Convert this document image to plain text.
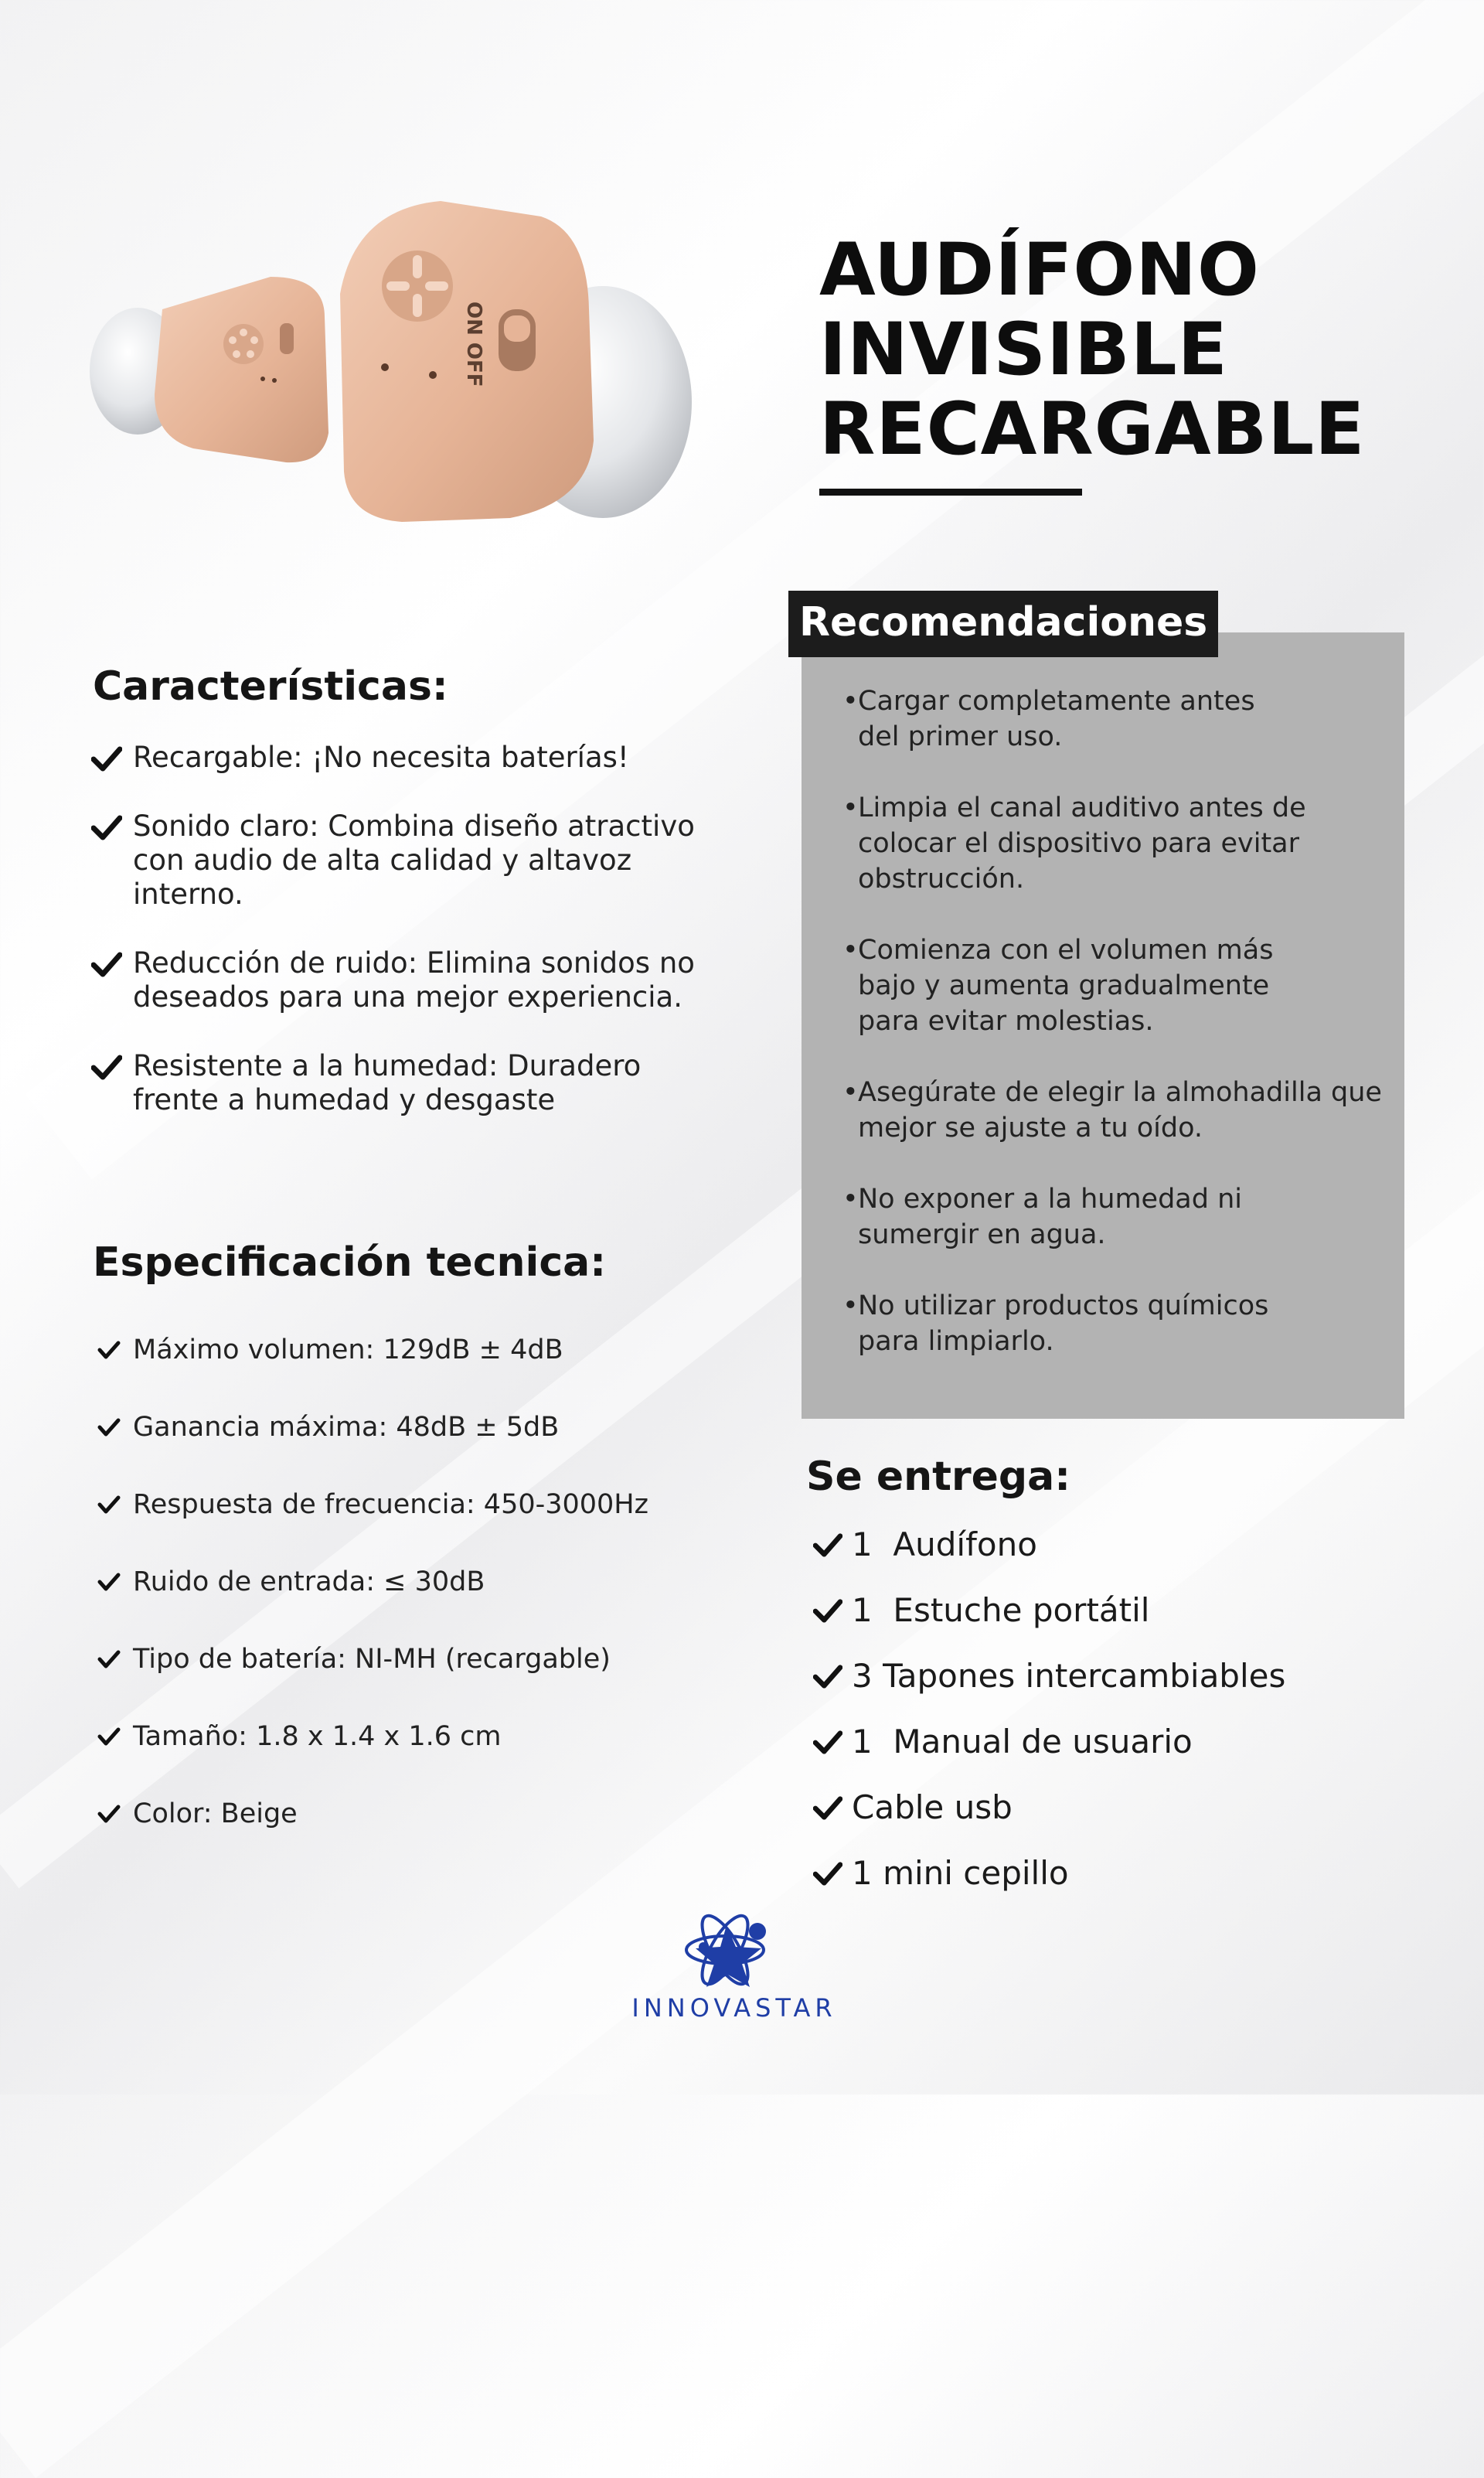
ON OFF
AUDÍFONO
INVISIBLE
RECARGABLE
Características:
Recargable: ¡No necesita baterías!
Sonido claro: Combina diseño atractivo con audio de alta calidad y altavoz interno.
Reducción de ruido: Elimina sonidos no deseados para una mejor experiencia.
Resistente a la humedad: Duradero frente a humedad y desgaste
Especificación tecnica:
Máximo volumen: 129dB ± 4dB
Ganancia máxima: 48dB ± 5dB
Respuesta de frecuencia: 450-3000Hz
Ruido de entrada: ≤ 30dB
Tipo de batería: NI-MH (recargable)
Tamaño: 1.8 x 1.4 x 1.6 cm
Color: Beige
Recomendaciones
• Cargar completamente antes del primer uso.
• Limpia el canal auditivo antes de colocar el dispositivo para evitar obstrucción.
• Comienza con el volumen más bajo y aumenta gradualmente para evitar molestias.
• Asegúrate de elegir la almohadilla que mejor se ajuste a tu oído.
• No exponer a la humedad ni sumergir en agua.
• No utilizar productos químicos para limpiarlo.
Se entrega:
1  Audífono
1  Estuche portátil
3 Tapones intercambiables
1  Manual de usuario
Cable usb
1 mini cepillo

INNOVASTAR
